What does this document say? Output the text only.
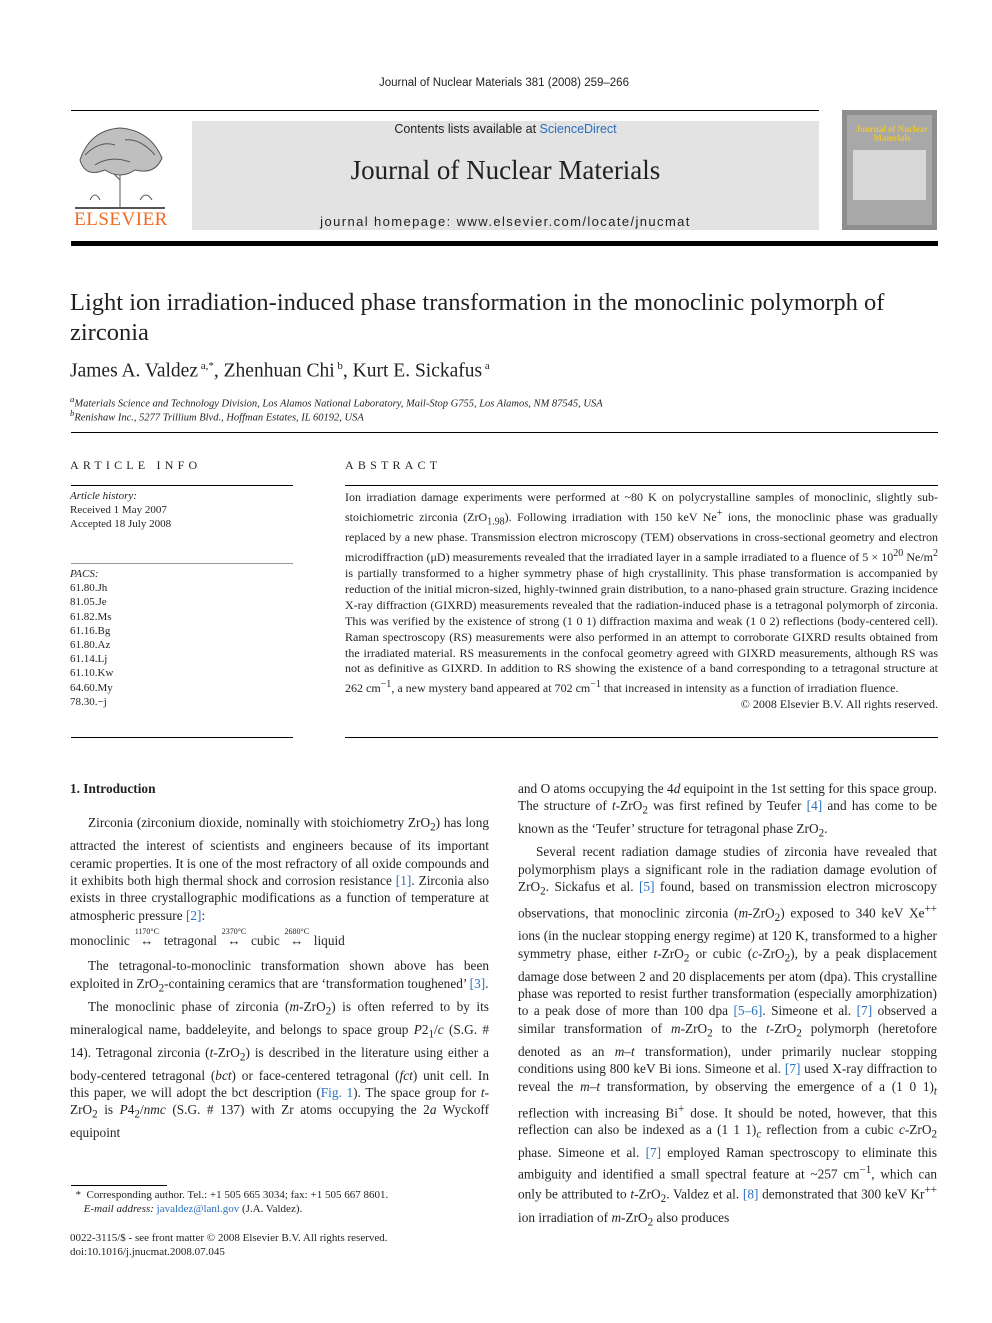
Journal of Nuclear Materials 381 (2008) 259–266
ELSEVIER
Contents lists available at ScienceDirect
Journal of Nuclear Materials
journal homepage: www.elsevier.com/locate/jnucmat
Journal of Nuclear Materials
Light ion irradiation-induced phase transformation in the monoclinic polymorph of zirconia
James A. Valdez $^{a,*}$, Zhenhuan Chi $^b$, Kurt E. Sickafus $^a$
$^a$Materials Science and Technology Division, Los Alamos National Laboratory, Mail-Stop G755, Los Alamos, NM 87545, USA
$^b$Renishaw Inc., 5277 Trillium Blvd., Hoffman Estates, IL 60192, USA
ARTICLE INFO	ABSTRACT
Article history:
Received 1 May 2007
Accepted 18 July 2008
PACS:
61.80.Jh
81.05.Je
61.82.Ms
61.16.Bg
61.80.Az
61.14.Lj
61.10.Kw
64.60.My
78.30.−j

Ion irradiation damage experiments were performed at ~80 K on polycrystalline samples of monoclinic, slightly sub-stoichiometric zirconia (ZrO$_{1.98}$). Following irradiation with 150 keV Ne+ ions, the monoclinic phase was gradually replaced by a new phase. Transmission electron microscopy (TEM) observations in cross-sectional geometry and electron microdiffraction (μD) measurements revealed that the irradiated layer in a sample irradiated to a fluence of $5 \times 10^{20}$ $Ne/m^2$ is partially transformed to a higher symmetry phase of high crystallinity. This phase transformation is accompanied by reduction of the initial micron-sized, highly-twinned grain distribution, to a nano-phased grain structure. Grazing incidence X-ray diffraction (GIXRD) measurements revealed that the radiation-induced phase is a tetragonal polymorph of zirconia. This was verified by the existence of strong (1 0 1) diffraction maxima and weak (1 0 2) reflections (body-centered cell). Raman spectroscopy (RS) measurements were also performed in an attempt to corroborate GIXRD results obtained from the irradiated material. RS measurements in the confocal geometry agreed with GIXRD measurements, although RS was not as definitive as GIXRD. In addition to RS showing the existence of a band corresponding to a tetragonal structure at 262 $cm^{-1}$, a new mystery band appeared at 702 $cm^{-1}$ that increased in intensity as a function of irradiation fluence.

© 2008 Elsevier B.V. All rights reserved.

1. Introduction

Zirconia (zirconium dioxide, nominally with stoichiometry ZrO$_2$) has long attracted the interest of scientists and engineers because of its important ceramic properties. It is one of the most refractory of all oxide compounds and it exhibits both high thermal shock and corrosion resistance [1]. Zirconia also exists in three crystallographic modifications as a function of temperature at atmospheric pressure [2]:

monoclinic
1170°C
↔ tetragonal
2370°C
↔ cubic
2680°C
↔ liquid

The tetragonal-to-monoclinic transformation shown above has been exploited in ZrO$_2$-containing ceramics that are ‘transformation toughened’ [3].

The monoclinic phase of zirconia (m-ZrO$_2$) is often referred to by its mineralogical name, baddeleyite, and belongs to space group $P2_1/c$ (S.G. # 14). Tetragonal zirconia (t-ZrO$_2$) is described in the literature using either a body-centered tetragonal (bct) or face-centered tetragonal (fct) unit cell. In this paper, we will adopt the bct description (Fig. 1). The space group for t-ZrO$_2$ is $P4_2$/nmc (S.G. # 137) with Zr atoms occupying the 2a Wyckoff equipoint

and O atoms occupying the 4d equipoint in the 1st setting for this space group. The structure of t-ZrO$_2$ was first refined by Teufer [4] and has come to be known as the ‘Teufer’ structure for tetragonal phase ZrO$_2$.

Several recent radiation damage studies of zirconia have revealed that polymorphism plays a significant role in the radiation damage evolution of ZrO$_2$. Sickafus et al. [5] found, based on transmission electron microscopy observations, that monoclinic zirconia (m-ZrO$_2$) exposed to 340 keV Xe++ ions (in the nuclear stopping energy regime) at 120 K, transformed to a higher symmetry phase, either t-ZrO$_2$ or cubic (c-ZrO$_2$), by a peak displacement damage dose between 2 and 20 displacements per atom (dpa). This crystalline phase was reported to resist further transformation (especially amorphization) to a peak dose of more than 100 dpa [5–6]. Simeone et al. [7] observed a similar transformation of m-ZrO$_2$ to the t-ZrO$_2$ polymorph (heretofore denoted as an m–t transformation), under primarily nuclear stopping conditions using 800 keV Bi ions. Simeone et al. [7] used X-ray diffraction to reveal the m–t transformation, by observing the emergence of a (1 0 $1)_t$ reflection with increasing Bi+ dose. It should be noted, however, that this reflection can also be indexed as a (1 1 $1)_c$ reflection from a cubic c-ZrO$_2$ phase. Simeone et al. [7] employed Raman spectroscopy to eliminate this ambiguity and identified a small spectral feature at ~257 $cm^{-1}$, which can only be attributed to t-ZrO$_2$. Valdez et al. [8] demonstrated that 300 keV Kr++ ion irradiation of m-ZrO$_2$ also produces

*  Corresponding author. Tel.: +1 505 665 3034; fax: +1 505 667 8601.
E-mail address: javaldez@lanl.gov (J.A. Valdez).
0022-3115/$ - see front matter © 2008 Elsevier B.V. All rights reserved.
doi:10.1016/j.jnucmat.2008.07.045
